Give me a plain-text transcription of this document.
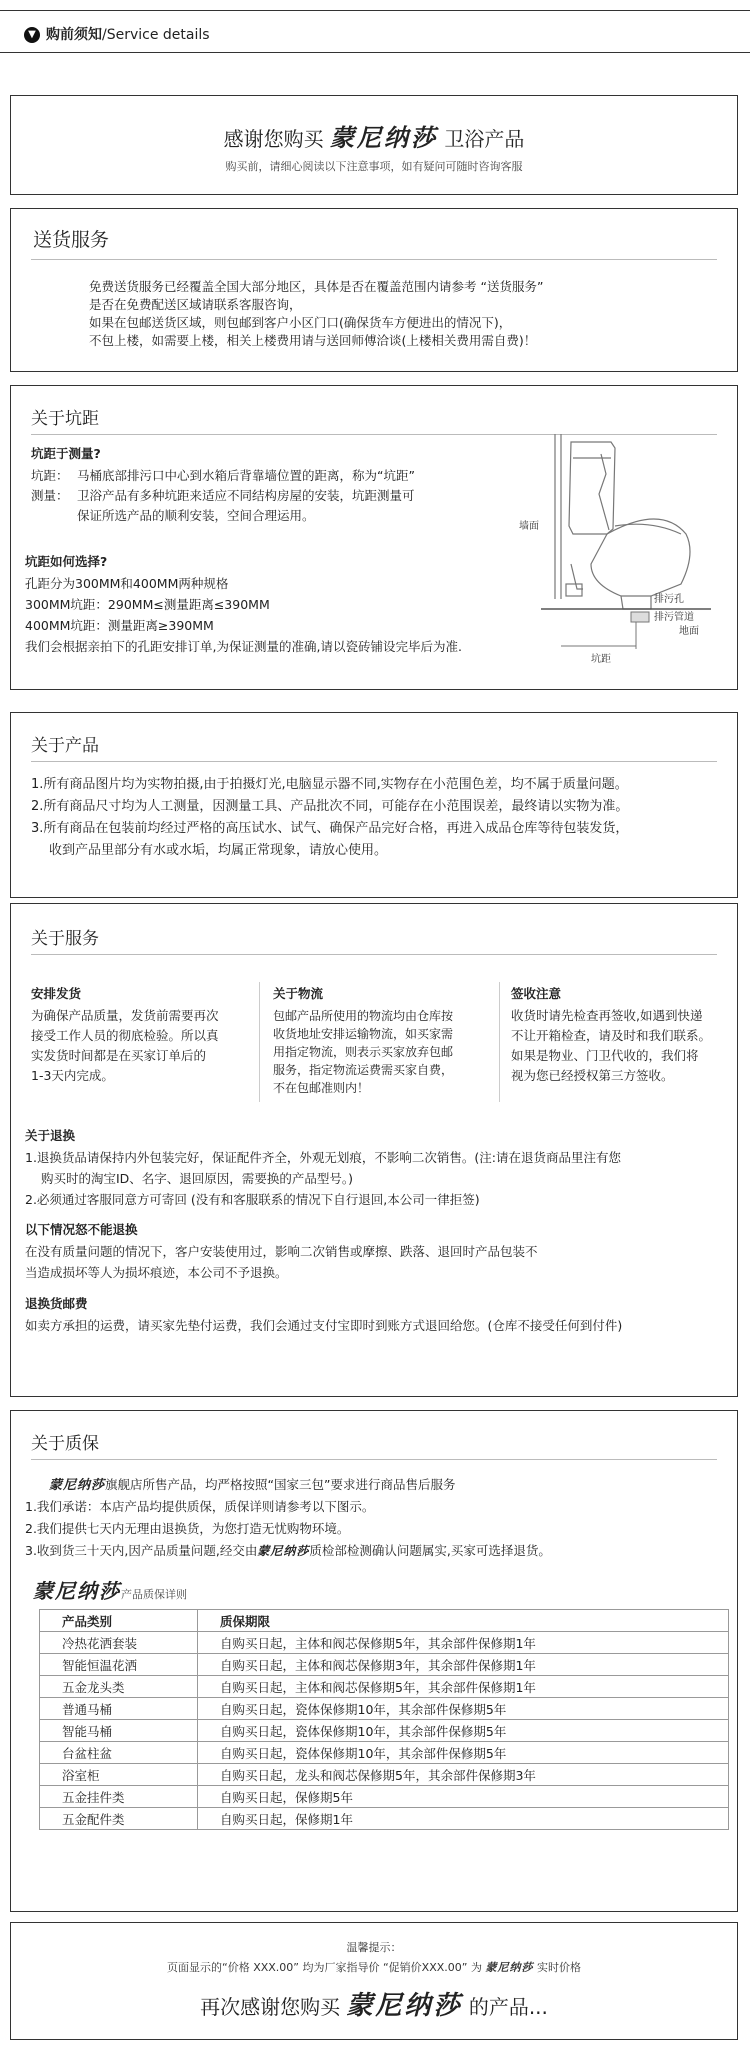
▼ 购前须知/Service details
感谢您购买 蒙尼纳莎 卫浴产品
购买前，请细心阅读以下注意事项，如有疑问可随时咨询客服
送货服务
免费送货服务已经覆盖全国大部分地区，具体是否在覆盖范围内请参考 “送货服务”
是否在免费配送区域请联系客服咨询，
如果在包邮送货区域，则包邮到客户小区门口(确保货车方便进出的情况下)，
不包上楼，如需要上楼，相关上楼费用请与送回师傅洽谈(上楼相关费用需自费)！
关于坑距
坑距于测量?
坑距： 马桶底部排污口中心到水箱后背靠墙位置的距离，称为“坑距”
测量： 卫浴产品有多种坑距来适应不同结构房屋的安装，坑距测量可
保证所选产品的顺利安装，空间合理运用。
坑距如何选择?
孔距分为300MM和400MM两种规格
300MM坑距：290MM≤测量距离≤390MM
400MM坑距：测量距离≥390MM
我们会根据亲拍下的孔距安排订单,为保证测量的准确,请以瓷砖铺设完毕后为准.
墙面
排污孔
排污管道
地面
坑距
关于产品
1.所有商品图片均为实物拍摄,由于拍摄灯光,电脑显示器不同,实物存在小范围色差，均不属于质量问题。
2.所有商品尺寸均为人工测量，因测量工具、产品批次不同，可能存在小范围误差，最终请以实物为准。
3.所有商品在包装前均经过严格的高压试水、试气、确保产品完好合格，再进入成品仓库等待包装发货，
收到产品里部分有水或水垢，均属正常现象，请放心使用。
关于服务
安排发货
为确保产品质量，发货前需要再次
接受工作人员的彻底检验。所以真
实发货时间都是在买家订单后的
1-3天内完成。
关于物流
包邮产品所使用的物流均由仓库按
收货地址安排运输物流，如买家需
用指定物流，则表示买家放弃包邮
服务，指定物流运费需买家自费，
不在包邮准则内！
签收注意
收货时请先检查再签收,如遇到快递
不让开箱检查，请及时和我们联系。
如果是物业、门卫代收的，我们将
视为您已经授权第三方签收。
关于退换
1.退换货品请保持内外包装完好，保证配件齐全，外观无划痕，不影响二次销售。(注:请在退货商品里注有您
购买时的淘宝ID、名字、退回原因，需要换的产品型号。)
2.必须通过客服同意方可寄回 (没有和客服联系的情况下自行退回,本公司一律拒签)
以下情况怒不能退换
在没有质量问题的情况下，客户安装使用过，影响二次销售或摩擦、跌落、退回时产品包装不
当造成损坏等人为损坏痕迹，本公司不予退换。
退换货邮费
如卖方承担的运费，请买家先垫付运费，我们会通过支付宝即时到账方式退回给您。(仓库不接受任何到付件)
关于质保
蒙尼纳莎旗舰店所售产品，均严格按照“国家三包”要求进行商品售后服务
1.我们承诺：本店产品均提供质保，质保详则请参考以下图示。
2.我们提供七天内无理由退换货，为您打造无忧购物环境。
3.收到货三十天内,因产品质量问题,经交由蒙尼纳莎质检部检测确认问题属实,买家可选择退货。
蒙尼纳莎产品质保详则
产品类别	质保期限
冷热花洒套装	自购买日起，主体和阀芯保修期5年，其余部件保修期1年
智能恒温花洒	自购买日起，主体和阀芯保修期3年，其余部件保修期1年
五金龙头类	自购买日起，主体和阀芯保修期5年，其余部件保修期1年
普通马桶	自购买日起，瓷体保修期10年，其余部件保修期5年
智能马桶	自购买日起，瓷体保修期10年，其余部件保修期5年
台盆柱盆	自购买日起，瓷体保修期10年，其余部件保修期5年
浴室柜	自购买日起，龙头和阀芯保修期5年，其余部件保修期3年
五金挂件类	自购买日起，保修期5年
五金配件类	自购买日起，保修期1年
温馨提示：
页面显示的“价格 XXX.00” 均为厂家指导价 “促销价XXX.00” 为 蒙尼纳莎 实时价格
再次感谢您购买 蒙尼纳莎 的产品...
